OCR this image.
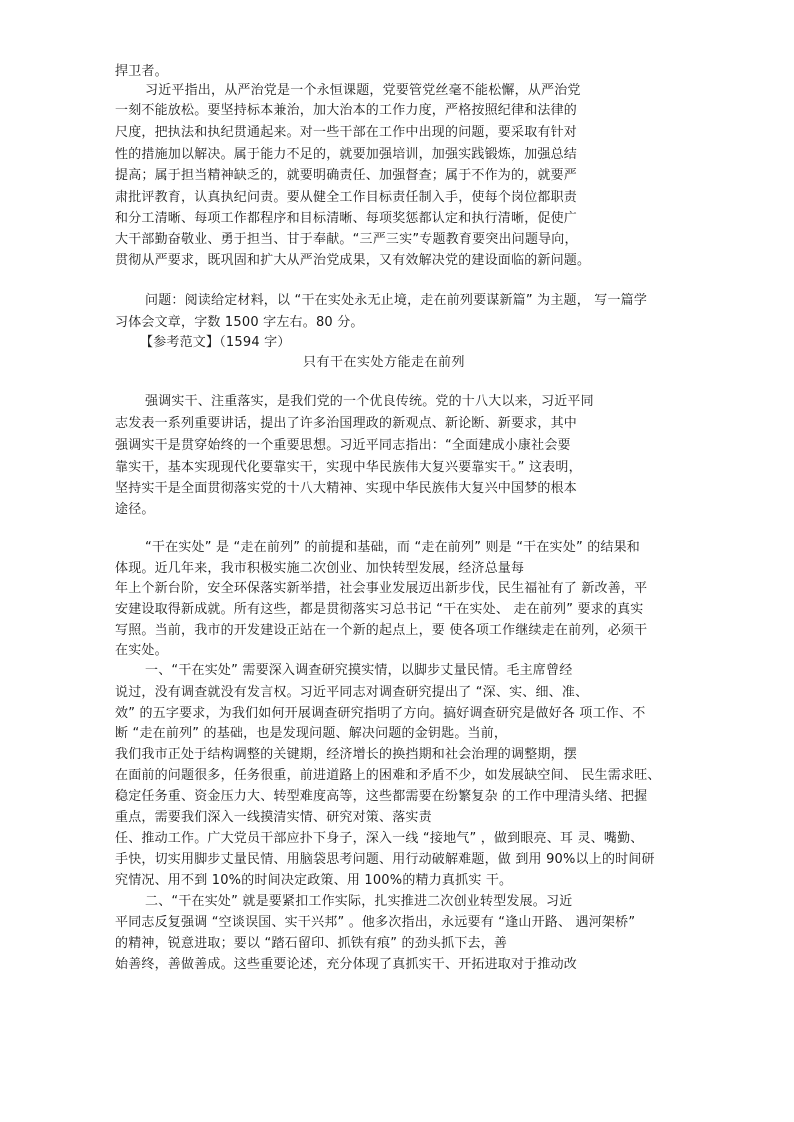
捍卫者。
习近平指出，从严治党是一个永恒课题，党要管党丝毫不能松懈，从严治党
一刻不能放松。要坚持标本兼治，加大治本的工作力度，严格按照纪律和法律的
尺度，把执法和执纪贯通起来。对一些干部在工作中出现的问题，要采取有针对
性的措施加以解决。属于能力不足的，就要加强培训，加强实践锻炼，加强总结
提高；属于担当精神缺乏的，就要明确责任、加强督查；属于不作为的，就要严
肃批评教育，认真执纪问责。要从健全工作目标责任制入手，使每个岗位都职责
和分工清晰、每项工作都程序和目标清晰、每项奖惩都认定和执行清晰，促使广
大干部勤奋敬业、勇于担当、甘于奉献。“三严三实”专题教育要突出问题导向，
贯彻从严要求，既巩固和扩大从严治党成果，又有效解决党的建设面临的新问题。
问题：阅读给定材料，以 “干在实处永无止境，走在前列要谋新篇” 为主题， 写一篇学
习体会文章，字数 1500 字左右。80 分。
【参考范文】（1594 字）
只有干在实处方能走在前列
强调实干、注重落实，是我们党的一个优良传统。党的十八大以来，习近平同
志发表一系列重要讲话，提出了许多治国理政的新观点、新论断、新要求，其中
强调实干是贯穿始终的一个重要思想。习近平同志指出：“全面建成小康社会要
靠实干，基本实现现代化要靠实干，实现中华民族伟大复兴要靠实干。” 这表明，
坚持实干是全面贯彻落实党的十八大精神、实现中华民族伟大复兴中国梦的根本
途径。
“干在实处” 是 “走在前列” 的前提和基础，而 “走在前列” 则是 “干在实处” 的结果和
体现。近几年来，我市积极实施二次创业、加快转型发展，经济总量每
年上个新台阶，安全环保落实新举措，社会事业发展迈出新步伐，民生福祉有了 新改善，平
安建设取得新成就。所有这些，都是贯彻落实习总书记 “干在实处、 走在前列” 要求的真实
写照。当前，我市的开发建设正站在一个新的起点上，要 使各项工作继续走在前列，必须干
在实处。
一、“干在实处” 需要深入调查研究摸实情，以脚步丈量民情。毛主席曾经
说过，没有调查就没有发言权。习近平同志对调查研究提出了 “深、实、细、准、
效” 的五字要求，为我们如何开展调查研究指明了方向。搞好调查研究是做好各 项工作、不
断 “走在前列” 的基础，也是发现问题、解决问题的金钥匙。当前，
我们我市正处于结构调整的关键期，经济增长的换挡期和社会治理的调整期，摆
在面前的问题很多，任务很重，前进道路上的困难和矛盾不少，如发展缺空间、 民生需求旺、
稳定任务重、资金压力大、转型难度高等，这些都需要在纷繁复杂 的工作中理清头绪、把握
重点，需要我们深入一线摸清实情、研究对策、落实责
任、推动工作。广大党员干部应扑下身子，深入一线 “接地气” ，做到眼亮、耳 灵、嘴勤、
手快，切实用脚步丈量民情、用脑袋思考问题、用行动破解难题，做 到用 90%以上的时间研
究情况、用不到 10%的时间决定政策、用 100%的精力真抓实 干。
二、“干在实处” 就是要紧扣工作实际，扎实推进二次创业转型发展。习近
平同志反复强调 “空谈误国、实干兴邦” 。他多次指出，永远要有 “逢山开路、 遇河架桥”
的精神，锐意进取；要以 “踏石留印、抓铁有痕” 的劲头抓下去，善
始善终，善做善成。这些重要论述，充分体现了真抓实干、开拓进取对于推动改
